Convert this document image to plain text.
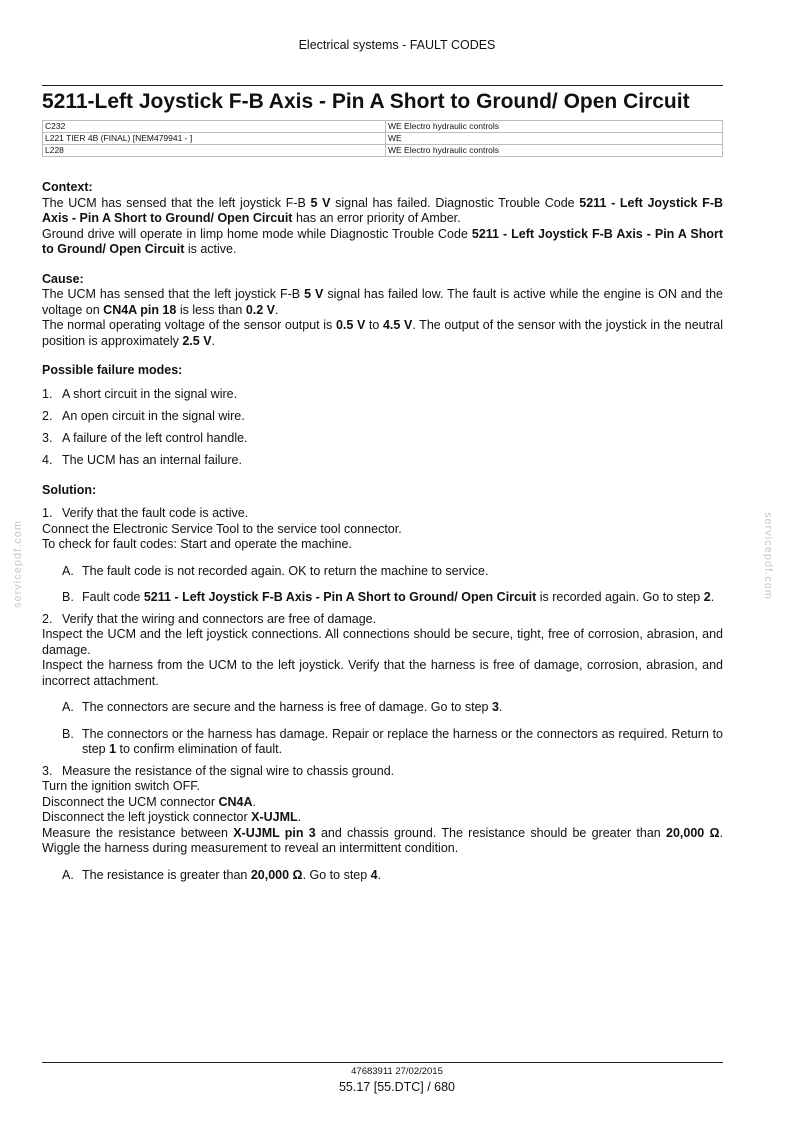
Electrical systems - FAULT CODES
5211-Left Joystick F-B Axis - Pin A Short to Ground/ Open Circuit
C232	WE Electro hydraulic controls
L221 TIER 4B (FINAL) [NEM479941 - ]	WE
L228	WE Electro hydraulic controls

Context:

The UCM has sensed that the left joystick F-B 5 V signal has failed. Diagnostic Trouble Code 5211 - Left Joystick F-B Axis - Pin A Short to Ground/ Open Circuit has an error priority of Amber.

Ground drive will operate in limp home mode while Diagnostic Trouble Code 5211 - Left Joystick F-B Axis - Pin A Short to Ground/ Open Circuit is active.

Cause:

The UCM has sensed that the left joystick F-B 5 V signal has failed low. The fault is active while the engine is ON and the voltage on CN4A pin 18 is less than 0.2 V.

The normal operating voltage of the sensor output is 0.5 V to 4.5 V. The output of the sensor with the joystick in the neutral position is approximately 2.5 V.

Possible failure modes:

1. A short circuit in the signal wire.
2. An open circuit in the signal wire.
3. A failure of the left control handle.
4. The UCM has an internal failure.

Solution:

1. Verify that the fault code is active.

Connect the Electronic Service Tool to the service tool connector.

To check for fault codes: Start and operate the machine.

A. The fault code is not recorded again. OK to return the machine to service.
B. Fault code 5211 - Left Joystick F-B Axis - Pin A Short to Ground/ Open Circuit is recorded again. Go to step 2.
2. Verify that the wiring and connectors are free of damage.

Inspect the UCM and the left joystick connections. All connections should be secure, tight, free of corrosion, abrasion, and damage.

Inspect the harness from the UCM to the left joystick. Verify that the harness is free of damage, corrosion, abrasion, and incorrect attachment.

A. The connectors are secure and the harness is free of damage. Go to step 3.
B. The connectors or the harness has damage. Repair or replace the harness or the connectors as required. Return to step 1 to confirm elimination of fault.
3. Measure the resistance of the signal wire to chassis ground.

Turn the ignition switch OFF.

Disconnect the UCM connector CN4A.

Disconnect the left joystick connector X-UJML.

Measure the resistance between X-UJML pin 3 and chassis ground. The resistance should be greater than 20,000 Ω. Wiggle the harness during measurement to reveal an intermittent condition.

A. The resistance is greater than 20,000 Ω. Go to step 4.
servicepdf.com	servicepdf.com
47683911 27/02/2015
55.17 [55.DTC] / 680
